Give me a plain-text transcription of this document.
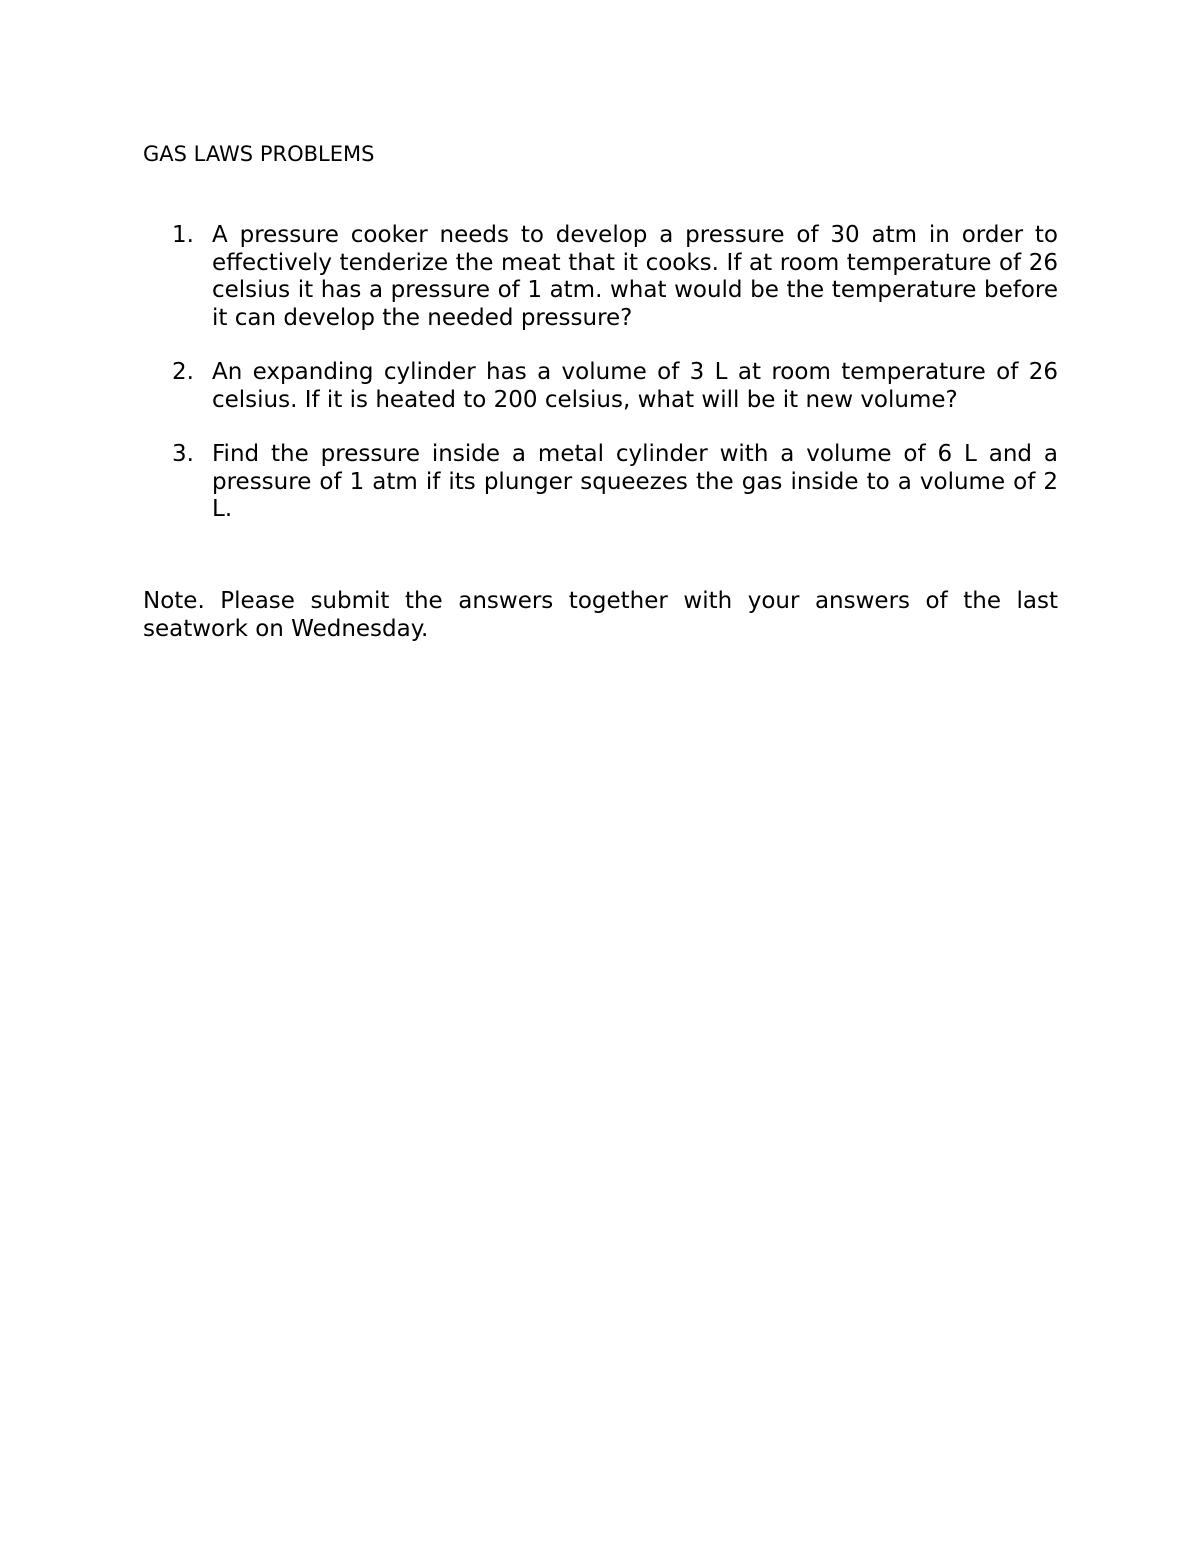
GAS LAWS PROBLEMS
1. A pressure cooker needs to develop a pressure of 30 atm in order to effectively tenderize the meat that it cooks. If at room temperature of 26 celsius it has a pressure of 1 atm. what would be the temperature before it can develop the needed pressure?
2. An expanding cylinder has a volume of 3 L at room temperature of 26 celsius. If it is heated to 200 celsius, what will be it new volume?
3. Find the pressure inside a metal cylinder with a volume of 6 L and a pressure of 1 atm if its plunger squeezes the gas inside to a volume of 2 L.

Note. Please submit the answers together with your answers of the last seatwork on Wednesday.
